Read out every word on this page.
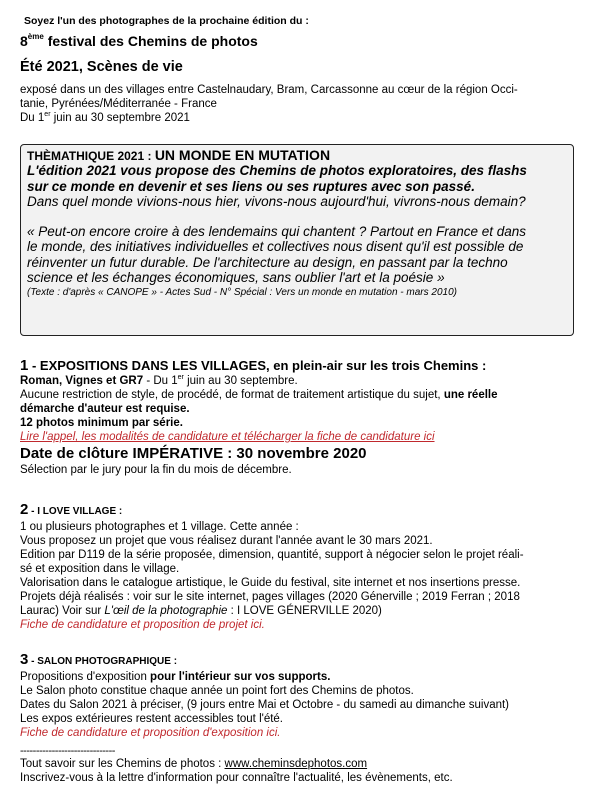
Soyez l'un des photographes de la prochaine édition du :
8ème festival des Chemins de photos
Été 2021, Scènes de vie
exposé dans un des villages entre Castelnaudary, Bram, Carcassonne au cœur de la région Occi-
tanie, Pyrénées/Méditerranée - France
Du 1er juin au 30 septembre 2021
THÈMATHIQUE 2021 : UN MONDE EN MUTATION
L'édition 2021 vous propose des Chemins de photos exploratoires, des flashs
sur ce monde en devenir et ses liens ou ses ruptures avec son passé.
Dans quel monde vivions-nous hier, vivons-nous aujourd'hui, vivrons-nous demain?
« Peut-on encore croire à des lendemains qui chantent ? Partout en France et dans
le monde, des initiatives individuelles et collectives nous disent qu'il est possible de
réinventer un futur durable. De l'architecture au design, en passant par la techno
science et les échanges économiques, sans oublier l'art et la poésie »
(Texte : d'après « CANOPE » - Actes Sud - N° Spécial : Vers un monde en mutation - mars 2010)
1 - EXPOSITIONS DANS LES VILLAGES, en plein-air sur les trois Chemins :
Roman, Vignes et GR7 - Du 1er juin au 30 septembre.
Aucune restriction de style, de procédé, de format de traitement artistique du sujet, une réelle
démarche d'auteur est requise.
12 photos minimum par série.
Lire l'appel, les modalités de candidature et télécharger la fiche de candidature ici
Date de clôture IMPÉRATIVE : 30 novembre 2020
Sélection par le jury pour la fin du mois de décembre.
2 - I LOVE VILLAGE :
1 ou plusieurs photographes et 1 village. Cette année :
Vous proposez un projet que vous réalisez durant l'année avant le 30 mars 2021.
Edition par D119 de la série proposée, dimension, quantité, support à négocier selon le projet réali-
sé et exposition dans le village.
Valorisation dans le catalogue artistique, le Guide du festival, site internet et nos insertions presse.
Projets déjà réalisés : voir sur le site internet, pages villages (2020 Génerville ; 2019 Ferran ; 2018
Laurac) Voir sur L'œil de la photographie : I LOVE GÉNERVILLE 2020)
Fiche de candidature et proposition de projet ici.
3 - SALON PHOTOGRAPHIQUE :
Propositions d'exposition pour l'intérieur sur vos supports.
Le Salon photo constitue chaque année un point fort des Chemins de photos.
Dates du Salon 2021 à préciser, (9 jours entre Mai et Octobre - du samedi au dimanche suivant)
Les expos extérieures restent accessibles tout l'été.
Fiche de candidature et proposition d'exposition ici.
------------------------------
Tout savoir sur les Chemins de photos : www.cheminsdephotos.com
Inscrivez-vous à la lettre d'information pour connaître l'actualité, les évènements, etc.
